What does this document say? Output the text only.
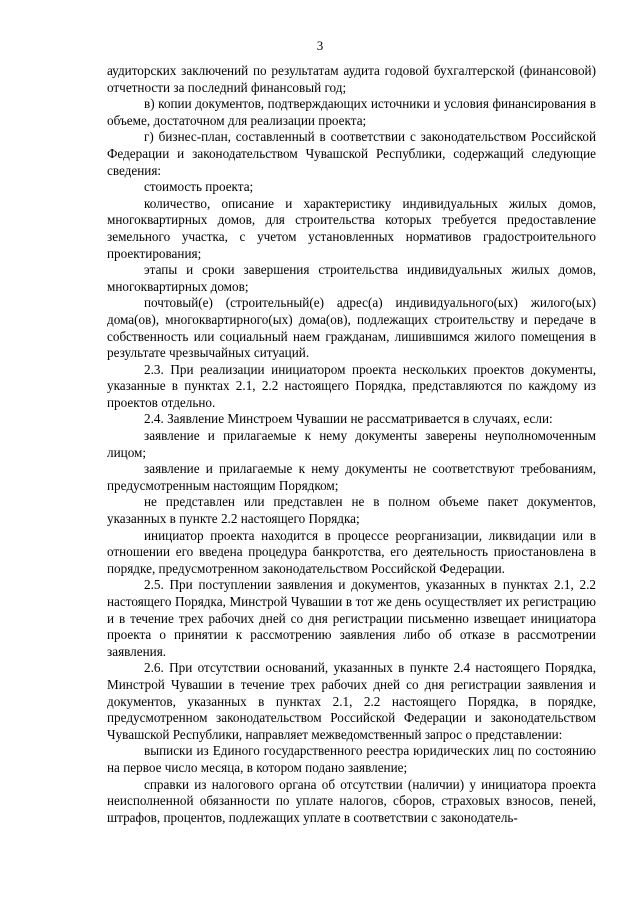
3

аудиторских заключений по результатам аудита годовой бухгалтерской (финансовой) отчетности за последний финансовый год;

в) копии документов, подтверждающих источники и условия финансирования в объеме, достаточном для реализации проекта;

г) бизнес-план, составленный в соответствии с законодательством Российской Федерации и законодательством Чувашской Республики, содержащий следующие сведения:

стоимость проекта;

количество, описание и характеристику индивидуальных жилых домов, многоквартирных домов, для строительства которых требуется предоставление земельного участка, с учетом установленных нормативов градостроительного проектирования;

этапы и сроки завершения строительства индивидуальных жилых домов, многоквартирных домов;

почтовый(е) (строительный(е) адрес(а) индивидуального(ых) жилого(ых) дома(ов), многоквартирного(ых) дома(ов), подлежащих строительству и передаче в собственность или социальный наем гражданам, лишившимся жилого помещения в результате чрезвычайных ситуаций.

2.3. При реализации инициатором проекта нескольких проектов документы, указанные в пунктах 2.1, 2.2 настоящего Порядка, представляются по каждому из проектов отдельно.

2.4. Заявление Минстроем Чувашии не рассматривается в случаях, если:

заявление и прилагаемые к нему документы заверены неуполномоченным лицом;

заявление и прилагаемые к нему документы не соответствуют требованиям, предусмотренным настоящим Порядком;

не представлен или представлен не в полном объеме пакет документов, указанных в пункте 2.2 настоящего Порядка;

инициатор проекта находится в процессе реорганизации, ликвидации или в отношении его введена процедура банкротства, его деятельность приостановлена в порядке, предусмотренном законодательством Российской Федерации.

2.5. При поступлении заявления и документов, указанных в пунктах 2.1, 2.2 настоящего Порядка, Минстрой Чувашии в тот же день осуществляет их регистрацию и в течение трех рабочих дней со дня регистрации письменно извещает инициатора проекта о принятии к рассмотрению заявления либо об отказе в рассмотрении заявления.

2.6. При отсутствии оснований, указанных в пункте 2.4 настоящего Порядка, Минстрой Чувашии в течение трех рабочих дней со дня регистрации заявления и документов, указанных в пунктах 2.1, 2.2 настоящего Порядка, в порядке, предусмотренном законодательством Российской Федерации и законодательством Чувашской Республики, направляет межведомственный запрос о представлении:

выписки из Единого государственного реестра юридических лиц по состоянию на первое число месяца, в котором подано заявление;

справки из налогового органа об отсутствии (наличии) у инициатора проекта неисполненной обязанности по уплате налогов, сборов, страховых взносов, пеней, штрафов, процентов, подлежащих уплате в соответствии с законодатель-
